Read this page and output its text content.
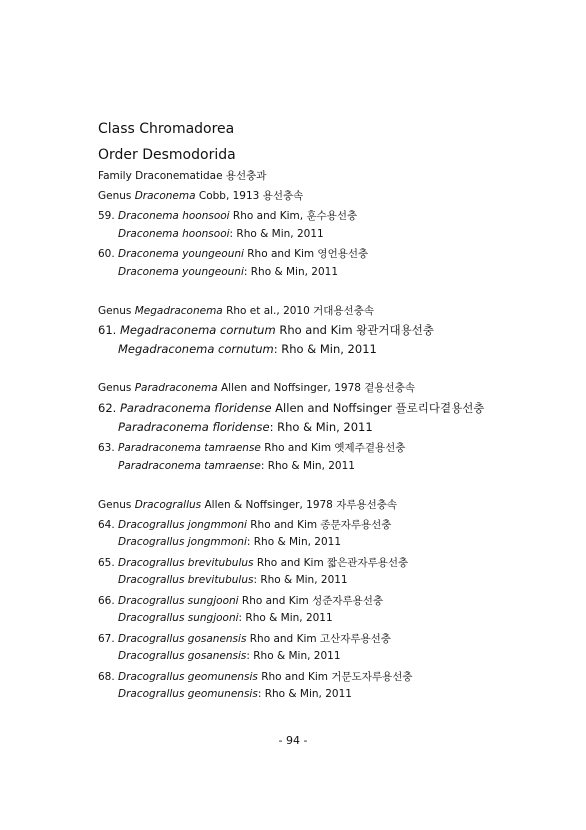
Class Chromadorea
Order Desmodorida
Family Draconematidae 용선충과
Genus Draconema Cobb, 1913 용선충속
59. Draconema hoonsooi Rho and Kim, 훈수용선충
Draconema hoonsooi: Rho & Min, 2011
60. Draconema youngeouni Rho and Kim 영언용선충
Draconema youngeouni: Rho & Min, 2011
Genus Megadraconema Rho et al., 2010 거대용선충속
61. Megadraconema cornutum Rho and Kim 왕관거대용선충
Megadraconema cornutum: Rho & Min, 2011
Genus Paradraconema Allen and Noffsinger, 1978 곁용선충속
62. Paradraconema floridense Allen and Noffsinger 플로리다곁용선충
Paradraconema floridense: Rho & Min, 2011
63. Paradraconema tamraense Rho and Kim 옛제주곁용선충
Paradraconema tamraense: Rho & Min, 2011
Genus Dracograllus Allen & Noffsinger, 1978 자루용선충속
64. Dracograllus jongmmoni Rho and Kim 종문자루용선충
Dracograllus jongmmoni: Rho & Min, 2011
65. Dracograllus brevitubulus Rho and Kim 짧은관자루용선충
Dracograllus brevitubulus: Rho & Min, 2011
66. Dracograllus sungjooni Rho and Kim 성준자루용선충
Dracograllus sungjooni: Rho & Min, 2011
67. Dracograllus gosanensis Rho and Kim 고산자루용선충
Dracograllus gosanensis: Rho & Min, 2011
68. Dracograllus geomunensis Rho and Kim 거문도자루용선충
Dracograllus geomunensis: Rho & Min, 2011
- 94 -
